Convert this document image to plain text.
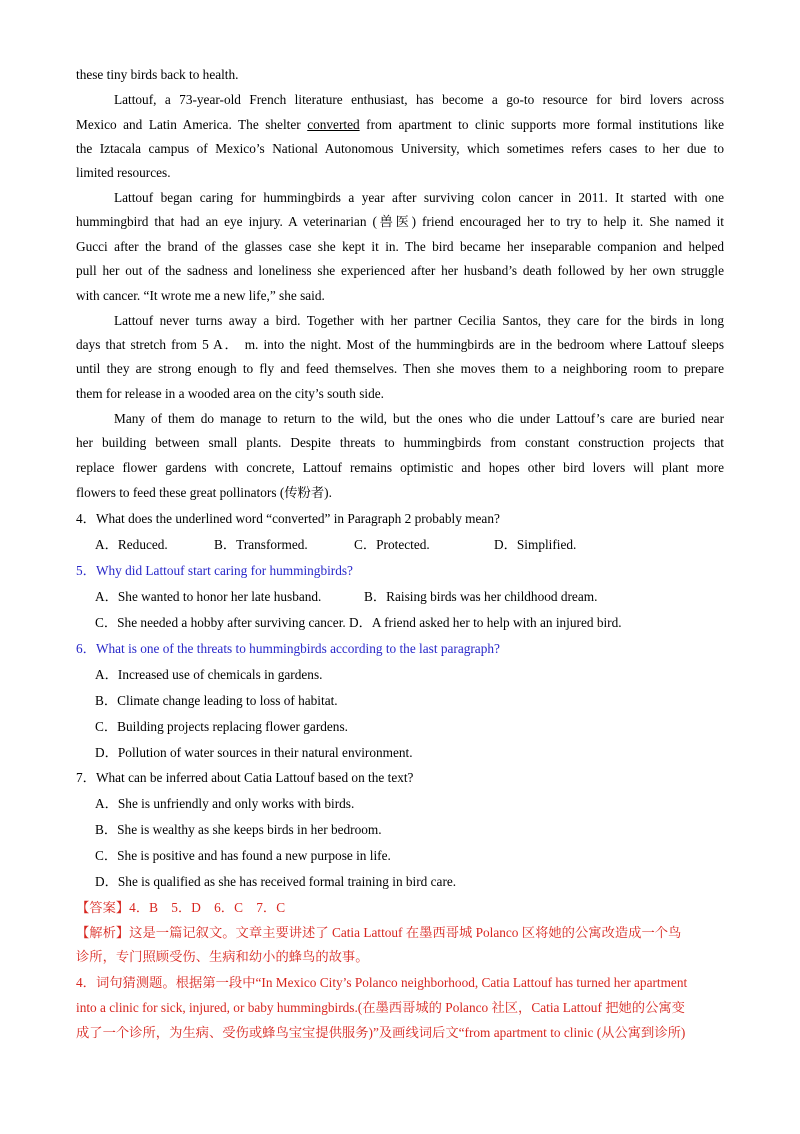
these tiny birds back to health.
Lattouf, a 73-year-old French literature enthusiast, has become a go-to resource for bird lovers across
Mexico and Latin America. The shelter converted from apartment to clinic supports more formal institutions like
the Iztacala campus of Mexico’s National Autonomous University, which sometimes refers cases to her due to
limited resources.
Lattouf began caring for hummingbirds a year after surviving colon cancer in 2011. It started with one
hummingbird that had an eye injury. A veterinarian (兽医) friend encouraged her to try to help it. She named it
Gucci after the brand of the glasses case she kept it in. The bird became her inseparable companion and helped
pull her out of the sadness and loneliness she experienced after her husband’s death followed by her own struggle
with cancer. “It wrote me a new life,” she said.
Lattouf never turns away a bird. Together with her partner Cecilia Santos, they care for the birds in long
days that stretch from 5 A． m. into the night. Most of the hummingbirds are in the bedroom where Lattouf sleeps
until they are strong enough to fly and feed themselves. Then she moves them to a neighboring room to prepare
them for release in a wooded area on the city’s south side.
Many of them do manage to return to the wild, but the ones who die under Lattouf’s care are buried near
her building between small plants. Despite threats to hummingbirds from constant construction projects that
replace flower gardens with concrete, Lattouf remains optimistic and hopes other bird lovers will plant more
flowers to feed these great pollinators (传粉者).
4．What does the underlined word “converted” in Paragraph 2 probably mean?
A．Reduced.	B．Transformed.	C．Protected.	D．Simplified.
5．Why did Lattouf start caring for hummingbirds?
A．She wanted to honor her late husband.	B．Raising birds was her childhood dream.
C．She needed a hobby after surviving cancer. D．A friend asked her to help with an injured bird.
6．What is one of the threats to hummingbirds according to the last paragraph?
A．Increased use of chemicals in gardens.
B．Climate change leading to loss of habitat.
C．Building projects replacing flower gardens.
D．Pollution of water sources in their natural environment.
7．What can be inferred about Catia Lattouf based on the text?
A．She is unfriendly and only works with birds.
B．She is wealthy as she keeps birds in her bedroom.
C．She is positive and has found a new purpose in life.
D．She is qualified as she has received formal training in bird care.
【答案】4．B　5．D　6．C　7．C
【解析】这是一篇记叙文。文章主要讲述了 Catia Lattouf 在墨西哥城 Polanco 区将她的公寓改造成一个鸟
诊所，专门照顾受伤、生病和幼小的蜂鸟的故事。
4．词句猜测题。根据第一段中“In Mexico City’s Polanco neighborhood, Catia Lattouf has turned her apartment
into a clinic for sick, injured, or baby hummingbirds.(在墨西哥城的 Polanco 社区，Catia Lattouf 把她的公寓变
成了一个诊所，为生病、受伤或蜂鸟宝宝提供服务)”及画线词后文“from apartment to clinic (从公寓到诊所)
